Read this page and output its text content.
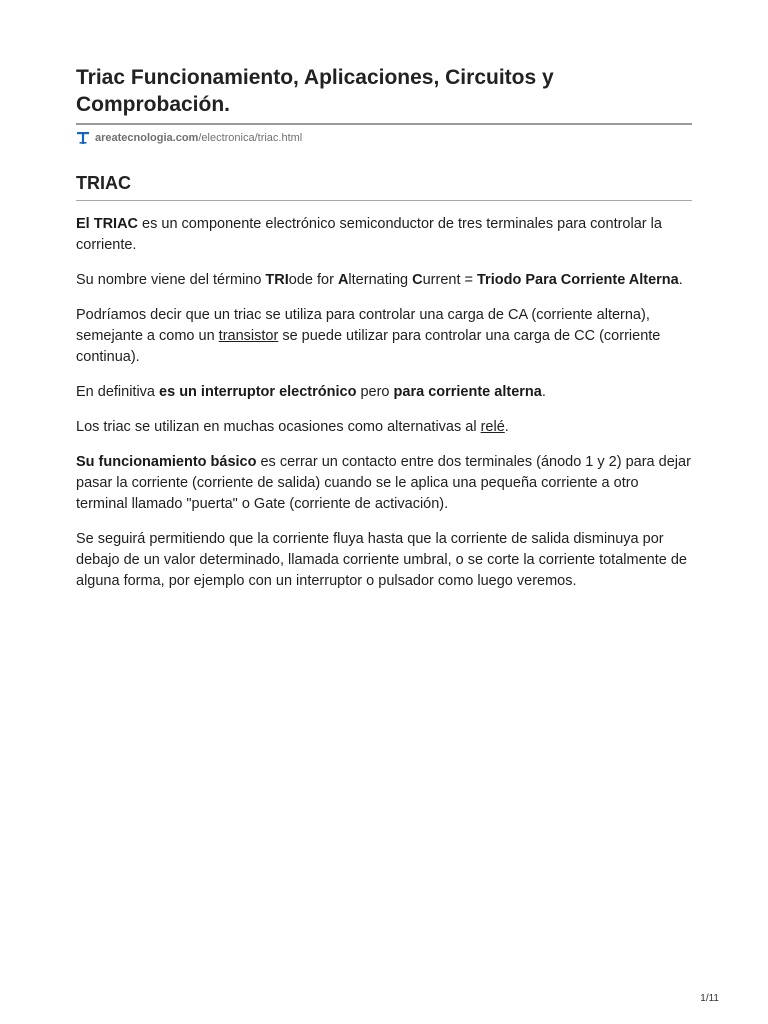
Triac Funcionamiento, Aplicaciones, Circuitos y Comprobación.
areatecnologia.com /electronica/triac.html
TRIAC

El TRIAC es un componente electrónico semiconductor de tres terminales para controlar la corriente.

Su nombre viene del término TRIode for Alternating Current = Triodo Para Corriente Alterna.

Podríamos decir que un triac se utiliza para controlar una carga de CA (corriente alterna), semejante a como un transistor se puede utilizar para controlar una carga de CC (corriente continua).

En definitiva es un interruptor electrónico pero para corriente alterna.

Los triac se utilizan en muchas ocasiones como alternativas al relé.

Su funcionamiento básico es cerrar un contacto entre dos terminales (ánodo 1 y 2) para dejar pasar la corriente (corriente de salida) cuando se le aplica una pequeña corriente a otro terminal llamado "puerta" o Gate (corriente de activación).

Se seguirá permitiendo que la corriente fluya hasta que la corriente de salida disminuya por debajo de un valor determinado, llamada corriente umbral, o se corte la corriente totalmente de alguna forma, por ejemplo con un interruptor o pulsador como luego veremos.

1/11
